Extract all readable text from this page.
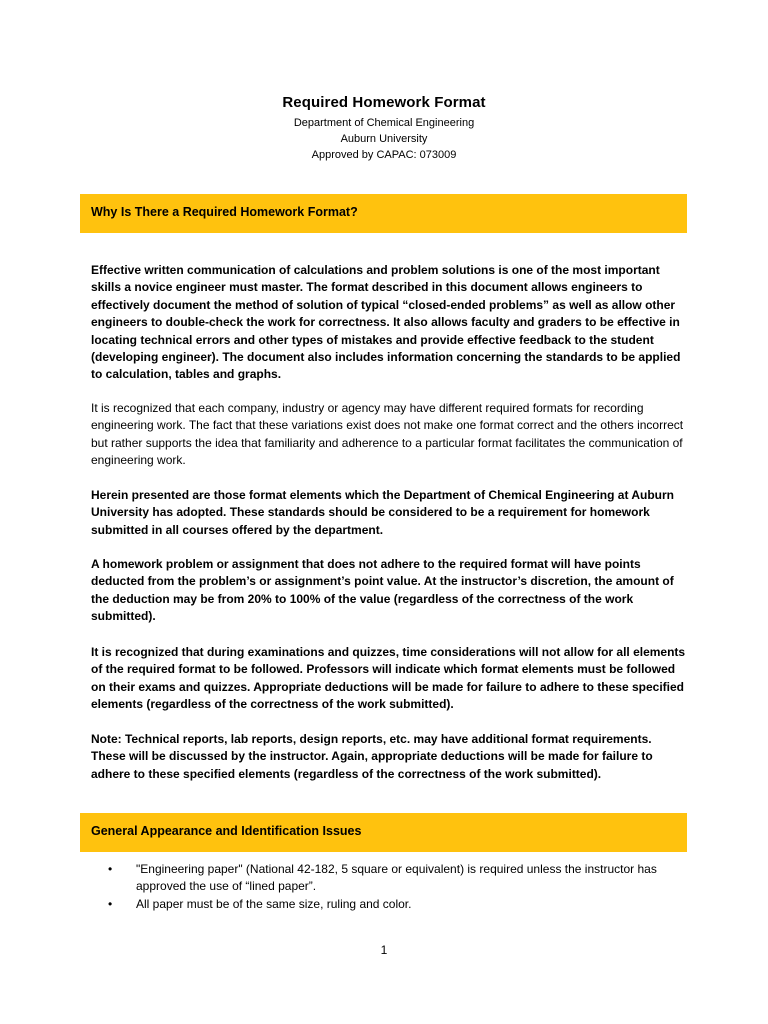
Required Homework Format
Department of Chemical Engineering
Auburn University
Approved by CAPAC: 073009
Why Is There a Required Homework Format?

Effective written communication of calculations and problem solutions is one of the most important skills a novice engineer must master. The format described in this document allows engineers to effectively document the method of solution of typical “closed-ended problems” as well as allow other engineers to double-check the work for correctness. It also allows faculty and graders to be effective in locating technical errors and other types of mistakes and provide effective feedback to the student (developing engineer). The document also includes information concerning the standards to be applied to calculation, tables and graphs.

It is recognized that each company, industry or agency may have different required formats for recording engineering work. The fact that these variations exist does not make one format correct and the others incorrect but rather supports the idea that familiarity and adherence to a particular format facilitates the communication of engineering work.

Herein presented are those format elements which the Department of Chemical Engineering at Auburn University has adopted. These standards should be considered to be a requirement for homework submitted in all courses offered by the department.

A homework problem or assignment that does not adhere to the required format will have points deducted from the problem’s or assignment’s point value. At the instructor’s discretion, the amount of the deduction may be from 20% to 100% of the value (regardless of the correctness of the work submitted).

It is recognized that during examinations and quizzes, time considerations will not allow for all elements of the required format to be followed. Professors will indicate which format elements must be followed on their exams and quizzes. Appropriate deductions will be made for failure to adhere to these specified elements (regardless of the correctness of the work submitted).

Note: Technical reports, lab reports, design reports, etc. may have additional format requirements. These will be discussed by the instructor. Again, appropriate deductions will be made for failure to adhere to these specified elements (regardless of the correctness of the work submitted).

General Appearance and Identification Issues
• "Engineering paper" (National 42-182, 5 square or equivalent) is required unless the instructor has approved the use of “lined paper”.
• All paper must be of the same size, ruling and color.
1
